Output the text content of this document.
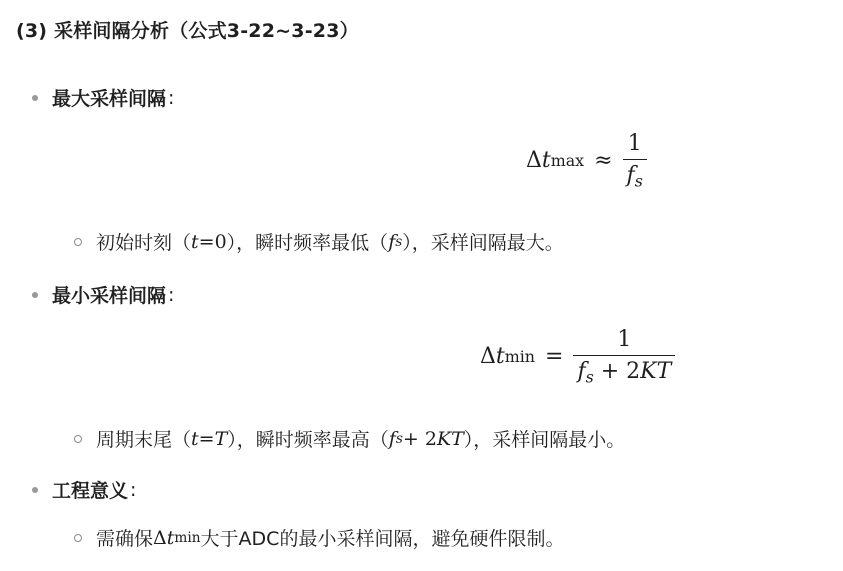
(3) 采样间隔分析（公式3-22~3-23）
最大采样间隔 :
Δ t $\max \approx \frac{1}{f_s}$
初始时刻（ t = 0 ），瞬时频率最低（ f s ），采样间隔最大。
最小采样间隔 :
Δ t $\min = \frac{1}{f_s + 2KT}$
周期末尾（ t = T ），瞬时频率最高（ f s + 2 KT ），采样间隔最小。
工程意义 :
需确保 Δ t min 大于ADC的最小采样间隔，避免硬件限制。
